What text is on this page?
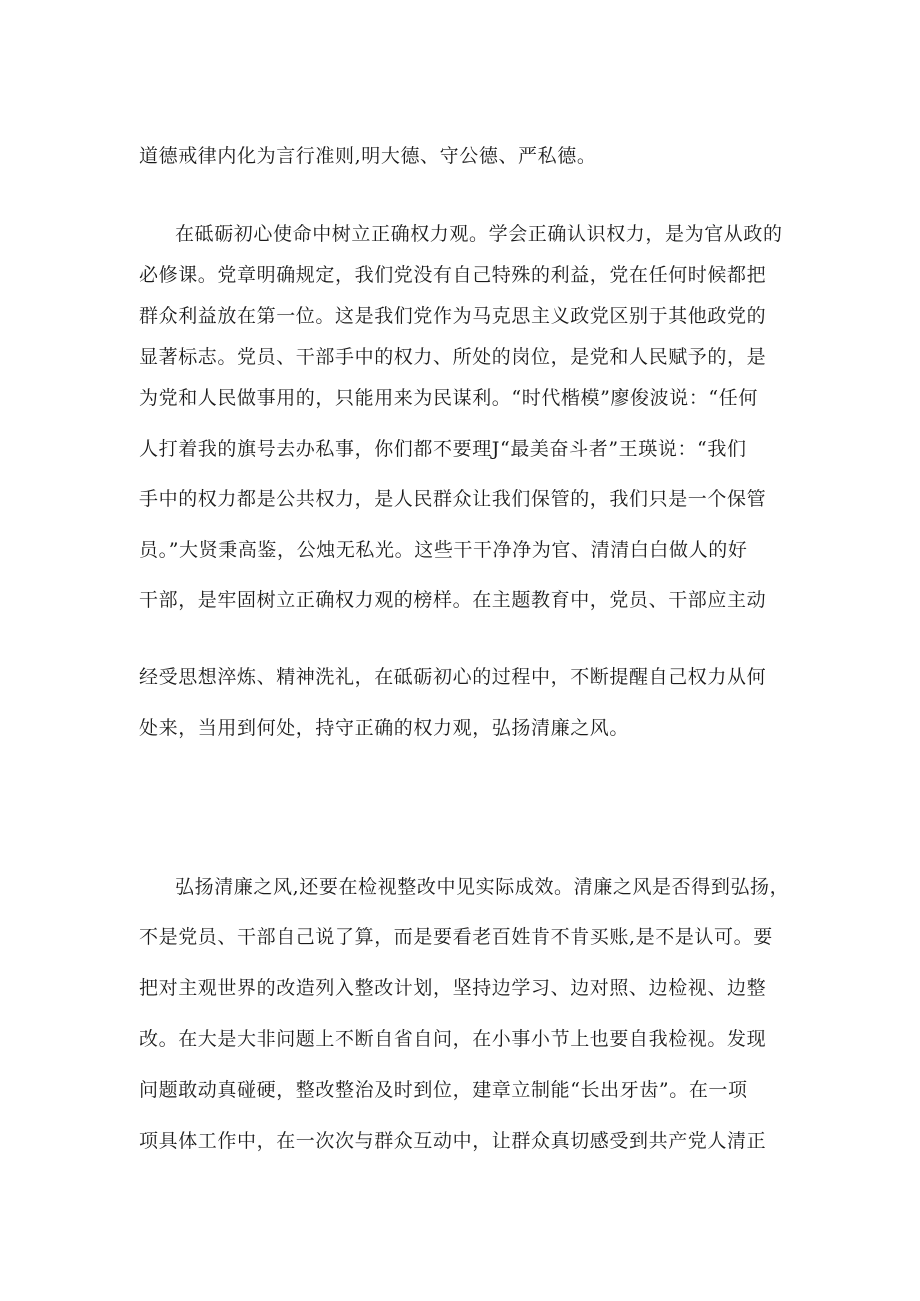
道德戒律内化为言行准则,明大德、守公德、严私德。

在砥砺初心使命中树立正确权力观。学会正确认识权力，是为官从政的

必修课。党章明确规定，我们党没有自己特殊的利益，党在任何时候都把

群众利益放在第一位。这是我们党作为马克思主义政党区别于其他政党的

显著标志。党员、干部手中的权力、所处的岗位，是党和人民赋予的，是

为党和人民做事用的，只能用来为民谋利。“时代楷模”廖俊波说：“任何

人打着我的旗号去办私事，你们都不要理J“最美奋斗者”王瑛说：“我们

手中的权力都是公共权力，是人民群众让我们保管的，我们只是一个保管

员。”大贤秉高鉴，公烛无私光。这些干干净净为官、清清白白做人的好

干部，是牢固树立正确权力观的榜样。在主题教育中，党员、干部应主动

经受思想淬炼、精神洗礼，在砥砺初心的过程中，不断提醒自己权力从何

处来，当用到何处，持守正确的权力观，弘扬清廉之风。

弘扬清廉之风,还要在检视整改中见实际成效。清廉之风是否得到弘扬，

不是党员、干部自己说了算，而是要看老百姓肯不肯买账,是不是认可。要

把对主观世界的改造列入整改计划，坚持边学习、边对照、边检视、边整

改。在大是大非问题上不断自省自问，在小事小节上也要自我检视。发现

问题敢动真碰硬，整改整治及时到位，建章立制能“长出牙齿”。在一项

项具体工作中，在一次次与群众互动中，让群众真切感受到共产党人清正
